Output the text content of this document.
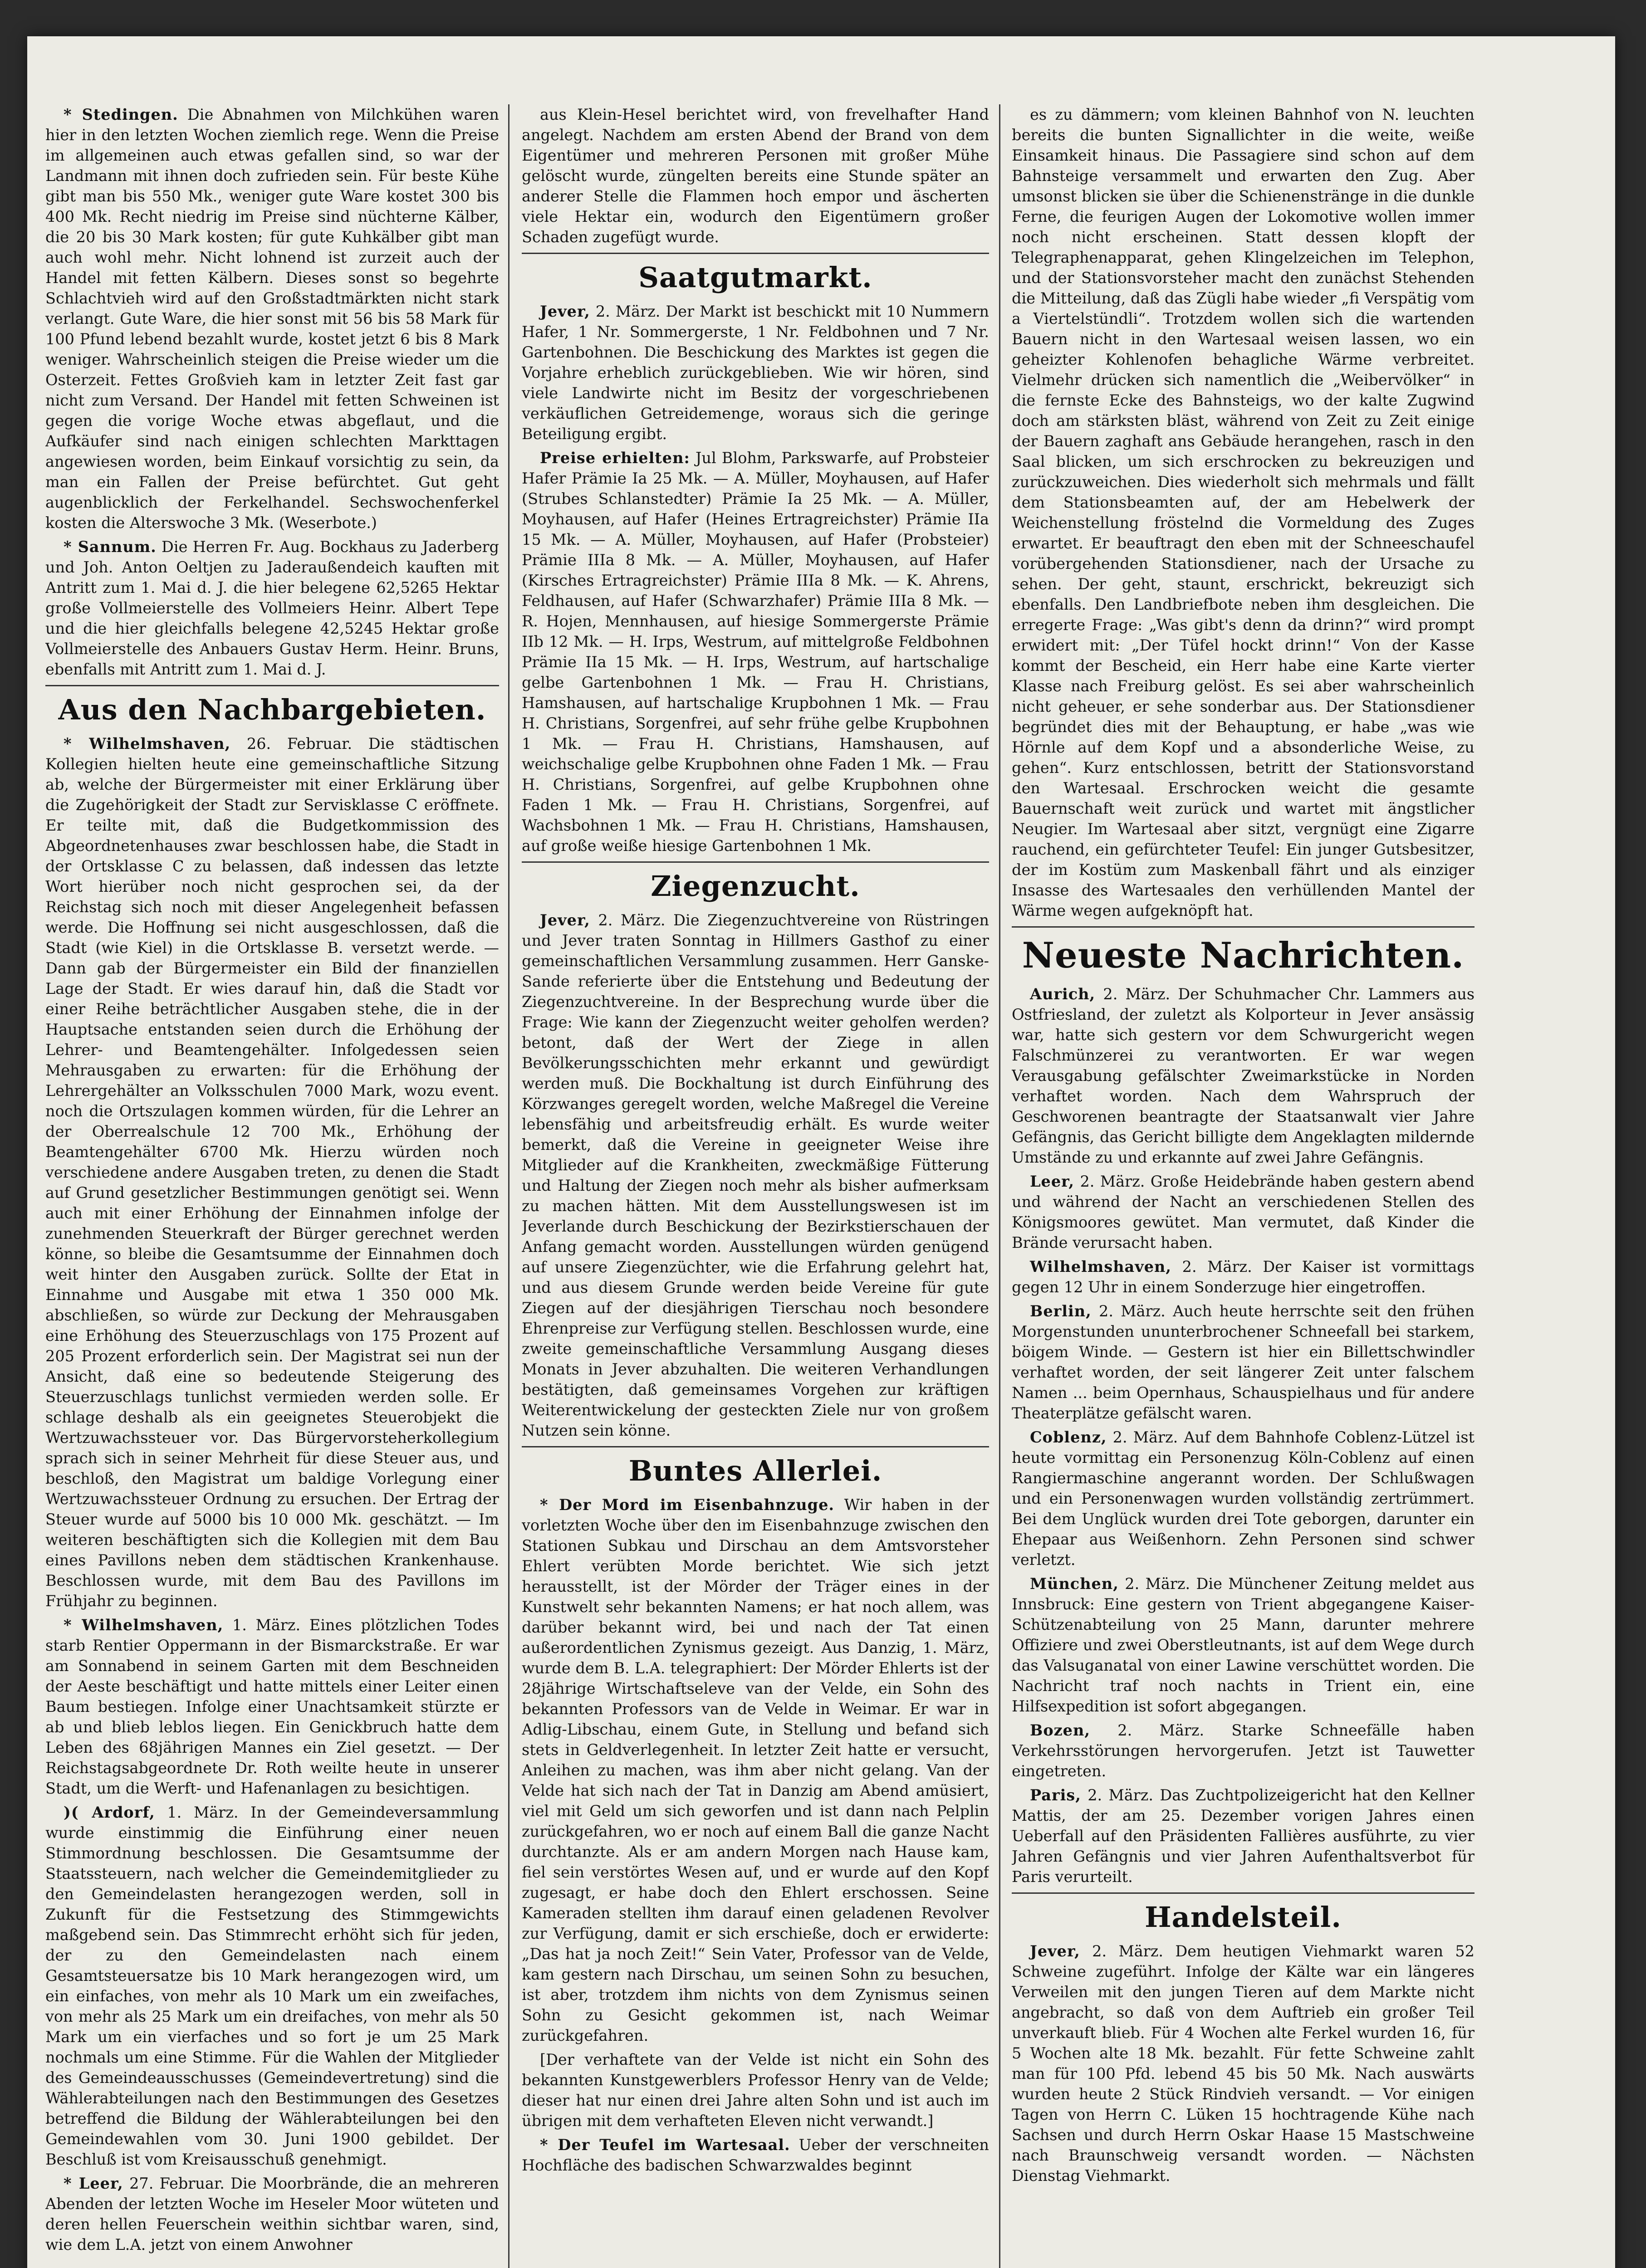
* Stedingen. Die Abnahmen von Milchkühen waren hier in den letzten Wochen ziemlich rege. Wenn die Preise im allgemeinen auch etwas gefallen sind, so war der Landmann mit ihnen doch zufrieden sein. Für beste Kühe gibt man bis 550 Mk., weniger gute Ware kostet 300 bis 400 Mk. Recht niedrig im Preise sind nüchterne Kälber, die 20 bis 30 Mark kosten; für gute Kuhkälber gibt man auch wohl mehr. Nicht lohnend ist zurzeit auch der Handel mit fetten Kälbern. Dieses sonst so begehrte Schlachtvieh wird auf den Großstadtmärkten nicht stark verlangt. Gute Ware, die hier sonst mit 56 bis 58 Mark für 100 Pfund lebend bezahlt wurde, kostet jetzt 6 bis 8 Mark weniger. Wahrscheinlich steigen die Preise wieder um die Osterzeit. Fettes Großvieh kam in letzter Zeit fast gar nicht zum Versand. Der Handel mit fetten Schweinen ist gegen die vorige Woche etwas abgeflaut, und die Aufkäufer sind nach einigen schlechten Markttagen angewiesen worden, beim Einkauf vorsichtig zu sein, da man ein Fallen der Preise befürchtet. Gut geht augenblicklich der Ferkelhandel. Sechswochenferkel kosten die Alterswoche 3 Mk. (Weserbote.)

* Sannum. Die Herren Fr. Aug. Bockhaus zu Jaderberg und Joh. Anton Oeltjen zu Jaderaußendeich kauften mit Antritt zum 1. Mai d. J. die hier belegene 62,5265 Hektar große Vollmeierstelle des Vollmeiers Heinr. Albert Tepe und die hier gleichfalls belegene 42,5245 Hektar große Vollmeierstelle des Anbauers Gustav Herm. Heinr. Bruns, ebenfalls mit Antritt zum 1. Mai d. J.

Aus den Nachbargebieten.

* Wilhelmshaven, 26. Februar. Die städtischen Kollegien hielten heute eine gemeinschaftliche Sitzung ab, welche der Bürgermeister mit einer Erklärung über die Zugehörigkeit der Stadt zur Servisklasse C eröffnete. Er teilte mit, daß die Budgetkommission des Abgeordnetenhauses zwar beschlossen habe, die Stadt in der Ortsklasse C zu belassen, daß indessen das letzte Wort hierüber noch nicht gesprochen sei, da der Reichstag sich noch mit dieser Angelegenheit befassen werde. Die Hoffnung sei nicht ausgeschlossen, daß die Stadt (wie Kiel) in die Ortsklasse B. versetzt werde. — Dann gab der Bürgermeister ein Bild der finanziellen Lage der Stadt. Er wies darauf hin, daß die Stadt vor einer Reihe beträchtlicher Ausgaben stehe, die in der Hauptsache entstanden seien durch die Erhöhung der Lehrer- und Beamtengehälter. Infolgedessen seien Mehrausgaben zu erwarten: für die Erhöhung der Lehrergehälter an Volksschulen 7000 Mark, wozu event. noch die Ortszulagen kommen würden, für die Lehrer an der Oberrealschule 12 700 Mk., Erhöhung der Beamtengehälter 6700 Mk. Hierzu würden noch verschiedene andere Ausgaben treten, zu denen die Stadt auf Grund gesetzlicher Bestimmungen genötigt sei. Wenn auch mit einer Erhöhung der Einnahmen infolge der zunehmenden Steuerkraft der Bürger gerechnet werden könne, so bleibe die Gesamtsumme der Einnahmen doch weit hinter den Ausgaben zurück. Sollte der Etat in Einnahme und Ausgabe mit etwa 1 350 000 Mk. abschließen, so würde zur Deckung der Mehrausgaben eine Erhöhung des Steuerzuschlags von 175 Prozent auf 205 Prozent erforderlich sein. Der Magistrat sei nun der Ansicht, daß eine so bedeutende Steigerung des Steuerzuschlags tunlichst vermieden werden solle. Er schlage deshalb als ein geeignetes Steuerobjekt die Wertzuwachssteuer vor. Das Bürgervorsteherkollegium sprach sich in seiner Mehrheit für diese Steuer aus, und beschloß, den Magistrat um baldige Vorlegung einer Wertzuwachssteuer Ordnung zu ersuchen. Der Ertrag der Steuer wurde auf 5000 bis 10 000 Mk. geschätzt. — Im weiteren beschäftigten sich die Kollegien mit dem Bau eines Pavillons neben dem städtischen Krankenhause. Beschlossen wurde, mit dem Bau des Pavillons im Frühjahr zu beginnen.

* Wilhelmshaven, 1. März. Eines plötzlichen Todes starb Rentier Oppermann in der Bismarckstraße. Er war am Sonnabend in seinem Garten mit dem Beschneiden der Aeste beschäftigt und hatte mittels einer Leiter einen Baum bestiegen. Infolge einer Unachtsamkeit stürzte er ab und blieb leblos liegen. Ein Genickbruch hatte dem Leben des 68jährigen Mannes ein Ziel gesetzt. — Der Reichstagsabgeordnete Dr. Roth weilte heute in unserer Stadt, um die Werft- und Hafenanlagen zu besichtigen.

)( Ardorf, 1. März. In der Gemeindeversammlung wurde einstimmig die Einführung einer neuen Stimmordnung beschlossen. Die Gesamtsumme der Staatssteuern, nach welcher die Gemeindemitglieder zu den Gemeindelasten herangezogen werden, soll in Zukunft für die Festsetzung des Stimmgewichts maßgebend sein. Das Stimmrecht erhöht sich für jeden, der zu den Gemeindelasten nach einem Gesamtsteuersatze bis 10 Mark herangezogen wird, um ein einfaches, von mehr als 10 Mark um ein zweifaches, von mehr als 25 Mark um ein dreifaches, von mehr als 50 Mark um ein vierfaches und so fort je um 25 Mark nochmals um eine Stimme. Für die Wahlen der Mitglieder des Gemeindeausschusses (Gemeindevertretung) sind die Wählerabteilungen nach den Bestimmungen des Gesetzes betreffend die Bildung der Wählerabteilungen bei den Gemeindewahlen vom 30. Juni 1900 gebildet. Der Beschluß ist vom Kreisausschuß genehmigt.

* Leer, 27. Februar. Die Moorbrände, die an mehreren Abenden der letzten Woche im Heseler Moor wüteten und deren hellen Feuerschein weithin sichtbar waren, sind, wie dem L.A. jetzt von einem Anwohner

aus Klein-Hesel berichtet wird, von frevelhafter Hand angelegt. Nachdem am ersten Abend der Brand von dem Eigentümer und mehreren Personen mit großer Mühe gelöscht wurde, züngelten bereits eine Stunde später an anderer Stelle die Flammen hoch empor und äscherten viele Hektar ein, wodurch den Eigentümern großer Schaden zugefügt wurde.

Saatgutmarkt.

Jever, 2. März. Der Markt ist beschickt mit 10 Nummern Hafer, 1 Nr. Sommergerste, 1 Nr. Feldbohnen und 7 Nr. Gartenbohnen. Die Beschickung des Marktes ist gegen die Vorjahre erheblich zurückgeblieben. Wie wir hören, sind viele Landwirte nicht im Besitz der vorgeschriebenen verkäuflichen Getreidemenge, woraus sich die geringe Beteiligung ergibt.

Preise erhielten: Jul Blohm, Parkswarfe, auf Probsteier Hafer Prämie Ia 25 Mk. — A. Müller, Moyhausen, auf Hafer (Strubes Schlanstedter) Prämie Ia 25 Mk. — A. Müller, Moyhausen, auf Hafer (Heines Ertragreichster) Prämie IIa 15 Mk. — A. Müller, Moyhausen, auf Hafer (Probsteier) Prämie IIIa 8 Mk. — A. Müller, Moyhausen, auf Hafer (Kirsches Ertragreichster) Prämie IIIa 8 Mk. — K. Ahrens, Feldhausen, auf Hafer (Schwarzhafer) Prämie IIIa 8 Mk. — R. Hojen, Mennhausen, auf hiesige Sommergerste Prämie IIb 12 Mk. — H. Irps, Westrum, auf mittelgroße Feldbohnen Prämie IIa 15 Mk. — H. Irps, Westrum, auf hartschalige gelbe Gartenbohnen 1 Mk. — Frau H. Christians, Hamshausen, auf hartschalige Krupbohnen 1 Mk. — Frau H. Christians, Sorgenfrei, auf sehr frühe gelbe Krupbohnen 1 Mk. — Frau H. Christians, Hamshausen, auf weichschalige gelbe Krupbohnen ohne Faden 1 Mk. — Frau H. Christians, Sorgenfrei, auf gelbe Krupbohnen ohne Faden 1 Mk. — Frau H. Christians, Sorgenfrei, auf Wachsbohnen 1 Mk. — Frau H. Christians, Hamshausen, auf große weiße hiesige Gartenbohnen 1 Mk.

Ziegenzucht.

Jever, 2. März. Die Ziegenzuchtvereine von Rüstringen und Jever traten Sonntag in Hillmers Gasthof zu einer gemeinschaftlichen Versammlung zusammen. Herr Ganske-Sande referierte über die Entstehung und Bedeutung der Ziegenzuchtvereine. In der Besprechung wurde über die Frage: Wie kann der Ziegenzucht weiter geholfen werden? betont, daß der Wert der Ziege in allen Bevölkerungsschichten mehr erkannt und gewürdigt werden muß. Die Bockhaltung ist durch Einführung des Körzwanges geregelt worden, welche Maßregel die Vereine lebensfähig und arbeitsfreudig erhält. Es wurde weiter bemerkt, daß die Vereine in geeigneter Weise ihre Mitglieder auf die Krankheiten, zweckmäßige Fütterung und Haltung der Ziegen noch mehr als bisher aufmerksam zu machen hätten. Mit dem Ausstellungswesen ist im Jeverlande durch Beschickung der Bezirkstierschauen der Anfang gemacht worden. Ausstellungen würden genügend auf unsere Ziegenzüchter, wie die Erfahrung gelehrt hat, und aus diesem Grunde werden beide Vereine für gute Ziegen auf der diesjährigen Tierschau noch besondere Ehrenpreise zur Verfügung stellen. Beschlossen wurde, eine zweite gemeinschaftliche Versammlung Ausgang dieses Monats in Jever abzuhalten. Die weiteren Verhandlungen bestätigten, daß gemeinsames Vorgehen zur kräftigen Weiterentwickelung der gesteckten Ziele nur von großem Nutzen sein könne.

Buntes Allerlei.

* Der Mord im Eisenbahnzuge. Wir haben in der vorletzten Woche über den im Eisenbahnzuge zwischen den Stationen Subkau und Dirschau an dem Amtsvorsteher Ehlert verübten Morde berichtet. Wie sich jetzt herausstellt, ist der Mörder der Träger eines in der Kunstwelt sehr bekannten Namens; er hat noch allem, was darüber bekannt wird, bei und nach der Tat einen außerordentlichen Zynismus gezeigt. Aus Danzig, 1. März, wurde dem B. L.A. telegraphiert: Der Mörder Ehlerts ist der 28jährige Wirtschaftseleve van der Velde, ein Sohn des bekannten Professors van de Velde in Weimar. Er war in Adlig-Libschau, einem Gute, in Stellung und befand sich stets in Geldverlegenheit. In letzter Zeit hatte er versucht, Anleihen zu machen, was ihm aber nicht gelang. Van der Velde hat sich nach der Tat in Danzig am Abend amüsiert, viel mit Geld um sich geworfen und ist dann nach Pelplin zurückgefahren, wo er noch auf einem Ball die ganze Nacht durchtanzte. Als er am andern Morgen nach Hause kam, fiel sein verstörtes Wesen auf, und er wurde auf den Kopf zugesagt, er habe doch den Ehlert erschossen. Seine Kameraden stellten ihm darauf einen geladenen Revolver zur Verfügung, damit er sich erschieße, doch er erwiderte: „Das hat ja noch Zeit!“ Sein Vater, Professor van de Velde, kam gestern nach Dirschau, um seinen Sohn zu besuchen, ist aber, trotzdem ihm nichts von dem Zynismus seinen Sohn zu Gesicht gekommen ist, nach Weimar zurückgefahren.

[Der verhaftete van der Velde ist nicht ein Sohn des bekannten Kunstgewerblers Professor Henry van de Velde; dieser hat nur einen drei Jahre alten Sohn und ist auch im übrigen mit dem verhafteten Eleven nicht verwandt.]

* Der Teufel im Wartesaal. Ueber der verschneiten Hochfläche des badischen Schwarzwaldes beginnt

es zu dämmern; vom kleinen Bahnhof von N. leuchten bereits die bunten Signallichter in die weite, weiße Einsamkeit hinaus. Die Passagiere sind schon auf dem Bahnsteige versammelt und erwarten den Zug. Aber umsonst blicken sie über die Schienenstränge in die dunkle Ferne, die feurigen Augen der Lokomotive wollen immer noch nicht erscheinen. Statt dessen klopft der Telegraphenapparat, gehen Klingelzeichen im Telephon, und der Stationsvorsteher macht den zunächst Stehenden die Mitteilung, daß das Zügli habe wieder „fi Verspätig vom a Viertelstündli“. Trotzdem wollen sich die wartenden Bauern nicht in den Wartesaal weisen lassen, wo ein geheizter Kohlenofen behagliche Wärme verbreitet. Vielmehr drücken sich namentlich die „Weibervölker“ in die fernste Ecke des Bahnsteigs, wo der kalte Zugwind doch am stärksten bläst, während von Zeit zu Zeit einige der Bauern zaghaft ans Gebäude herangehen, rasch in den Saal blicken, um sich erschrocken zu bekreuzigen und zurückzuweichen. Dies wiederholt sich mehrmals und fällt dem Stationsbeamten auf, der am Hebelwerk der Weichenstellung fröstelnd die Vormeldung des Zuges erwartet. Er beauftragt den eben mit der Schneeschaufel vorübergehenden Stationsdiener, nach der Ursache zu sehen. Der geht, staunt, erschrickt, bekreuzigt sich ebenfalls. Den Landbriefbote neben ihm desgleichen. Die erregerte Frage: „Was gibt's denn da drinn?“ wird prompt erwidert mit: „Der Tüfel hockt drinn!“ Von der Kasse kommt der Bescheid, ein Herr habe eine Karte vierter Klasse nach Freiburg gelöst. Es sei aber wahrscheinlich nicht geheuer, er sehe sonderbar aus. Der Stationsdiener begründet dies mit der Behauptung, er habe „was wie Hörnle auf dem Kopf und a absonderliche Weise, zu gehen“. Kurz entschlossen, betritt der Stationsvorstand den Wartesaal. Erschrocken weicht die gesamte Bauernschaft weit zurück und wartet mit ängstlicher Neugier. Im Wartesaal aber sitzt, vergnügt eine Zigarre rauchend, ein gefürchteter Teufel: Ein junger Gutsbesitzer, der im Kostüm zum Maskenball fährt und als einziger Insasse des Wartesaales den verhüllenden Mantel der Wärme wegen aufgeknöpft hat.

Neueste Nachrichten.

Aurich, 2. März. Der Schuhmacher Chr. Lammers aus Ostfriesland, der zuletzt als Kolporteur in Jever ansässig war, hatte sich gestern vor dem Schwurgericht wegen Falschmünzerei zu verantworten. Er war wegen Verausgabung gefälschter Zweimarkstücke in Norden verhaftet worden. Nach dem Wahrspruch der Geschworenen beantragte der Staatsanwalt vier Jahre Gefängnis, das Gericht billigte dem Angeklagten mildernde Umstände zu und erkannte auf zwei Jahre Gefängnis.

Leer, 2. März. Große Heidebrände haben gestern abend und während der Nacht an verschiedenen Stellen des Königsmoores gewütet. Man vermutet, daß Kinder die Brände verursacht haben.

Wilhelmshaven, 2. März. Der Kaiser ist vormittags gegen 12 Uhr in einem Sonderzuge hier eingetroffen.

Berlin, 2. März. Auch heute herrschte seit den frühen Morgenstunden ununterbrochener Schneefall bei starkem, böigem Winde. — Gestern ist hier ein Billettschwindler verhaftet worden, der seit längerer Zeit unter falschem Namen ... beim Opernhaus, Schauspielhaus und für andere Theaterplätze gefälscht waren.

Coblenz, 2. März. Auf dem Bahnhofe Coblenz-Lützel ist heute vormittag ein Personenzug Köln-Coblenz auf einen Rangiermaschine angerannt worden. Der Schlußwagen und ein Personenwagen wurden vollständig zertrümmert. Bei dem Unglück wurden drei Tote geborgen, darunter ein Ehepaar aus Weißenhorn. Zehn Personen sind schwer verletzt.

München, 2. März. Die Münchener Zeitung meldet aus Innsbruck: Eine gestern von Trient abgegangene Kaiser-Schützenabteilung von 25 Mann, darunter mehrere Offiziere und zwei Oberstleutnants, ist auf dem Wege durch das Valsuganatal von einer Lawine verschüttet worden. Die Nachricht traf noch nachts in Trient ein, eine Hilfsexpedition ist sofort abgegangen.

Bozen, 2. März. Starke Schneefälle haben Verkehrsstörungen hervorgerufen. Jetzt ist Tauwetter eingetreten.

Paris, 2. März. Das Zuchtpolizeigericht hat den Kellner Mattis, der am 25. Dezember vorigen Jahres einen Ueberfall auf den Präsidenten Fallières ausführte, zu vier Jahren Gefängnis und vier Jahren Aufenthaltsverbot für Paris verurteilt.

Handelsteil.

Jever, 2. März. Dem heutigen Viehmarkt waren 52 Schweine zugeführt. Infolge der Kälte war ein längeres Verweilen mit den jungen Tieren auf dem Markte nicht angebracht, so daß von dem Auftrieb ein großer Teil unverkauft blieb. Für 4 Wochen alte Ferkel wurden 16, für 5 Wochen alte 18 Mk. bezahlt. Für fette Schweine zahlt man für 100 Pfd. lebend 45 bis 50 Mk. Nach auswärts wurden heute 2 Stück Rindvieh versandt. — Vor einigen Tagen von Herrn C. Lüken 15 hochtragende Kühe nach Sachsen und durch Herrn Oskar Haase 15 Mastschweine nach Braunschweig versandt worden. — Nächsten Dienstag Viehmarkt.
